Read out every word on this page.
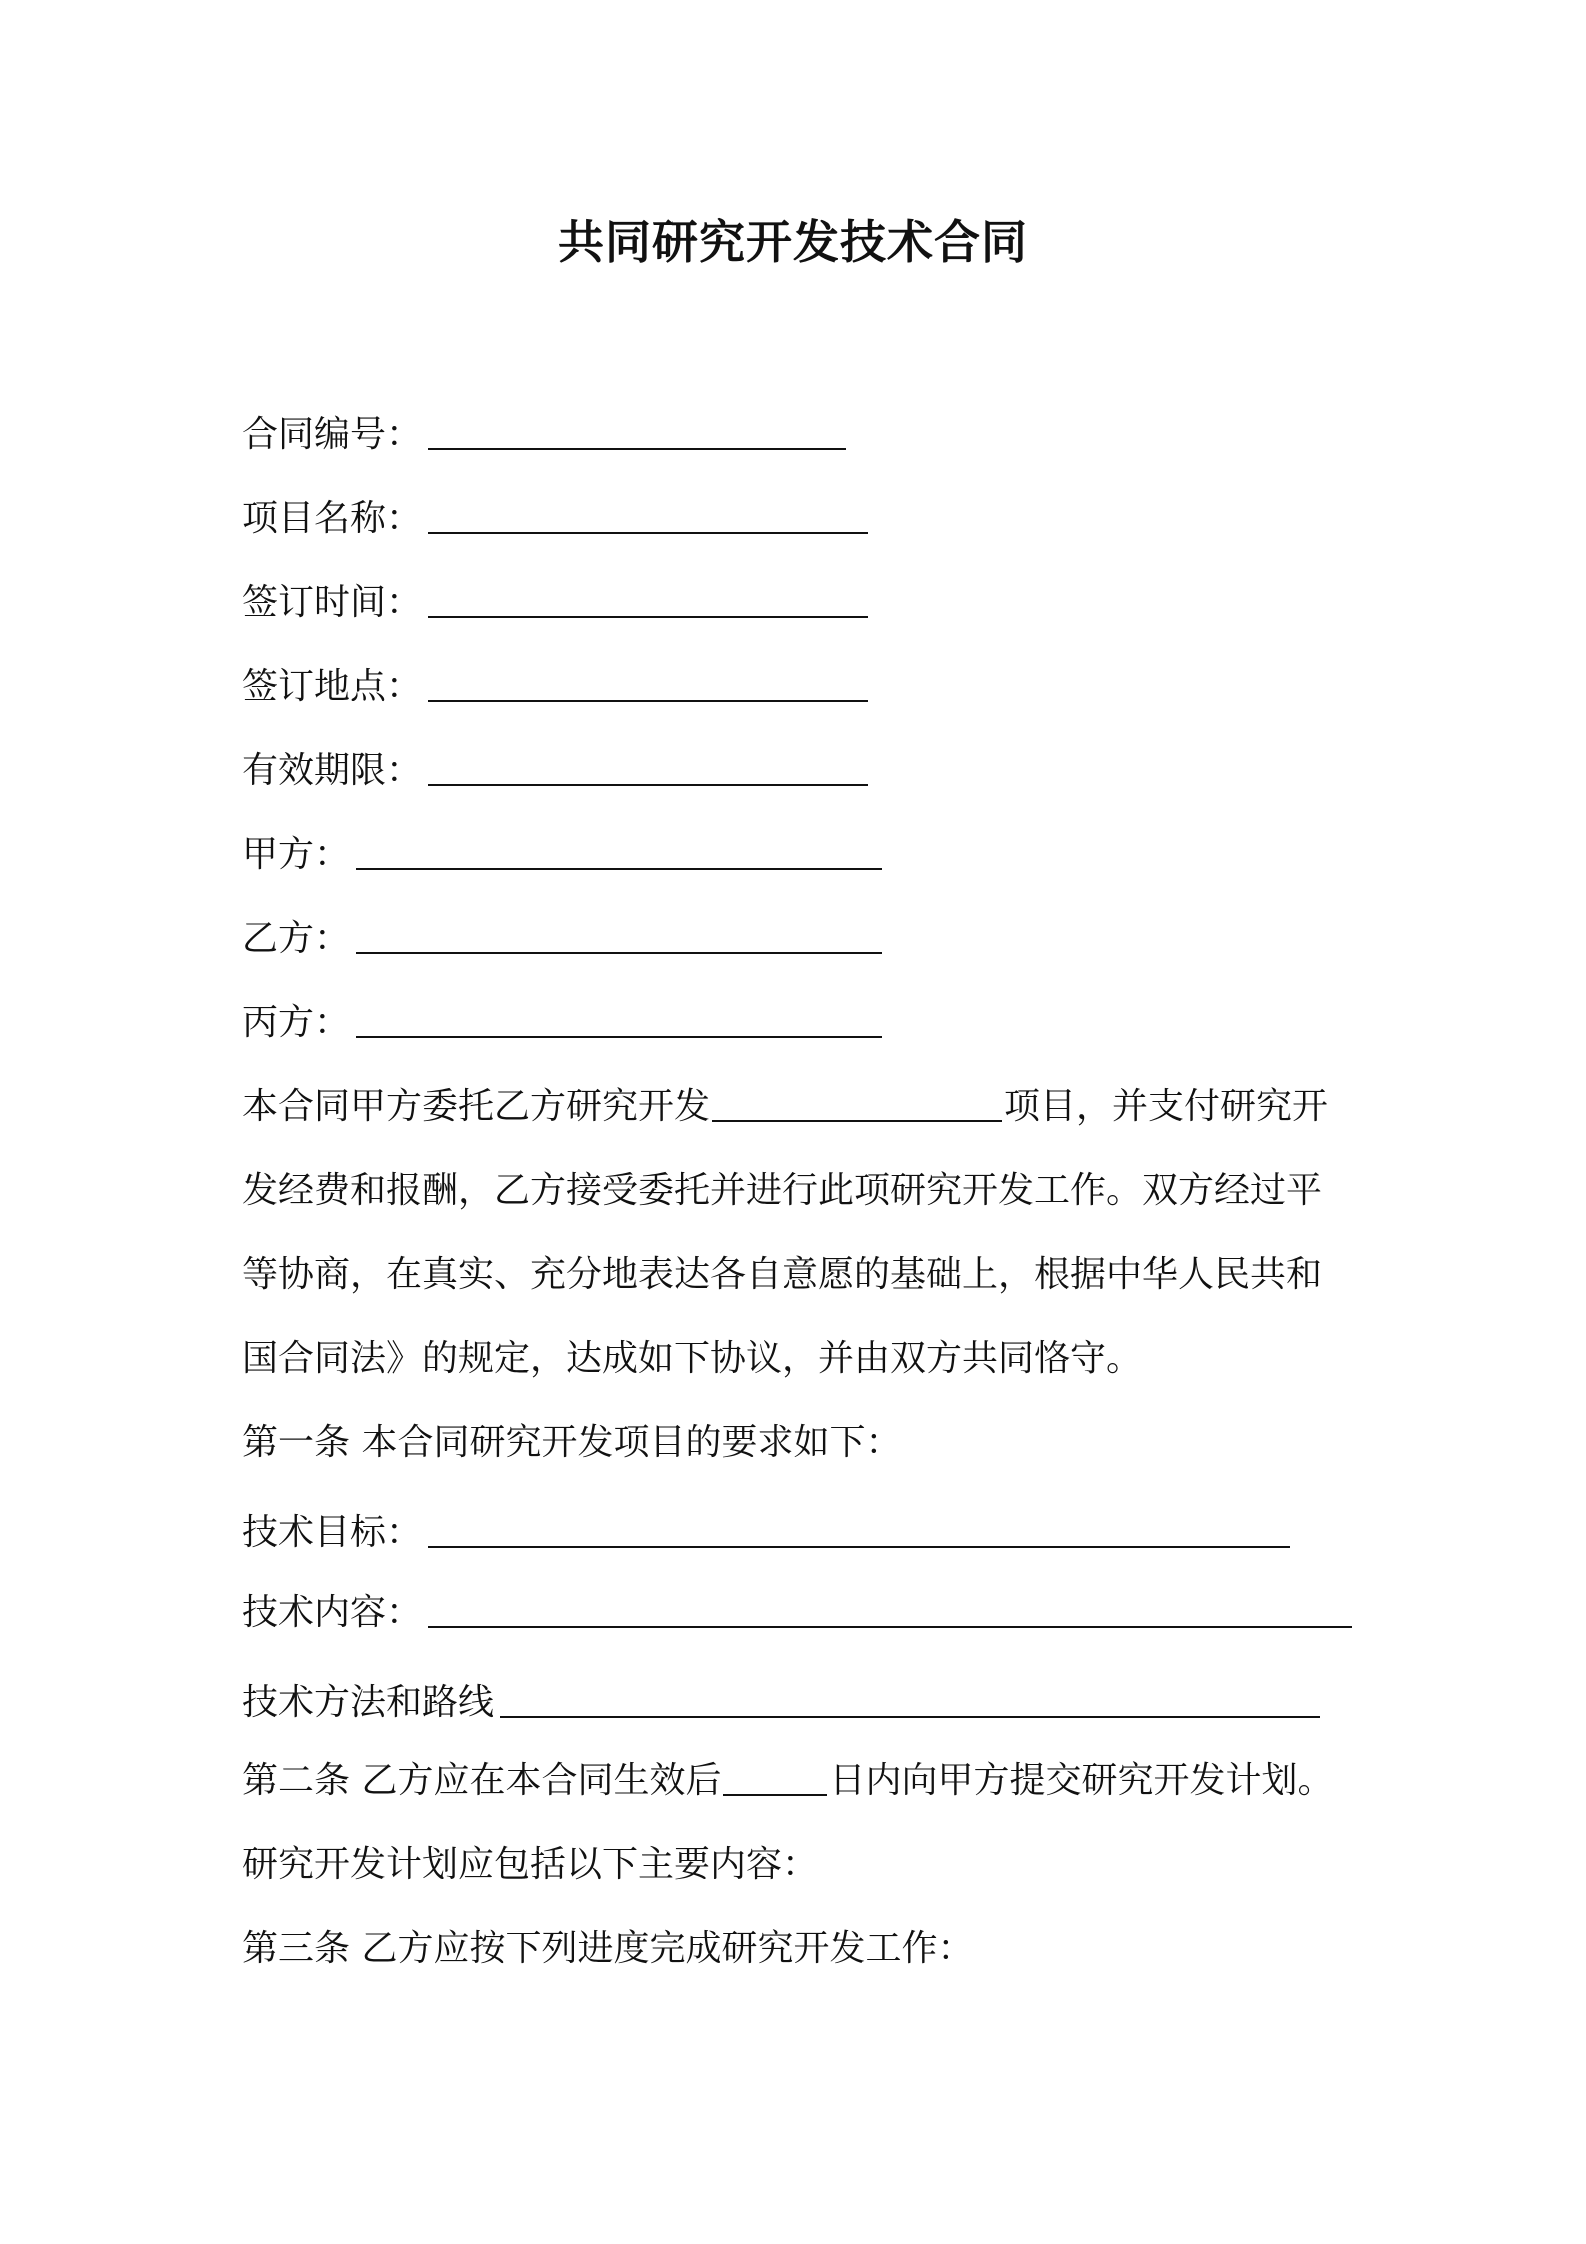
共同研究开发技术合同
合同编号：
项目名称：
签订时间：
签订地点：
有效期限：
甲方：
乙方：
丙方：
本合同甲方委托乙方研究开发	项目，并支付研究开
发经费和报酬，乙方接受委托并进行此项研究开发工作。双方经过平
等协商，在真实、充分地表达各自意愿的基础上，根据中华人民共和
国合同法》的规定，达成如下协议，并由双方共同恪守。
第一条 本合同研究开发项目的要求如下：
技术目标：
技术内容：
技术方法和路线
第二条 乙方应在本合同生效后	日内向甲方提交研究开发计划。
研究开发计划应包括以下主要内容：
第三条 乙方应按下列进度完成研究开发工作：
